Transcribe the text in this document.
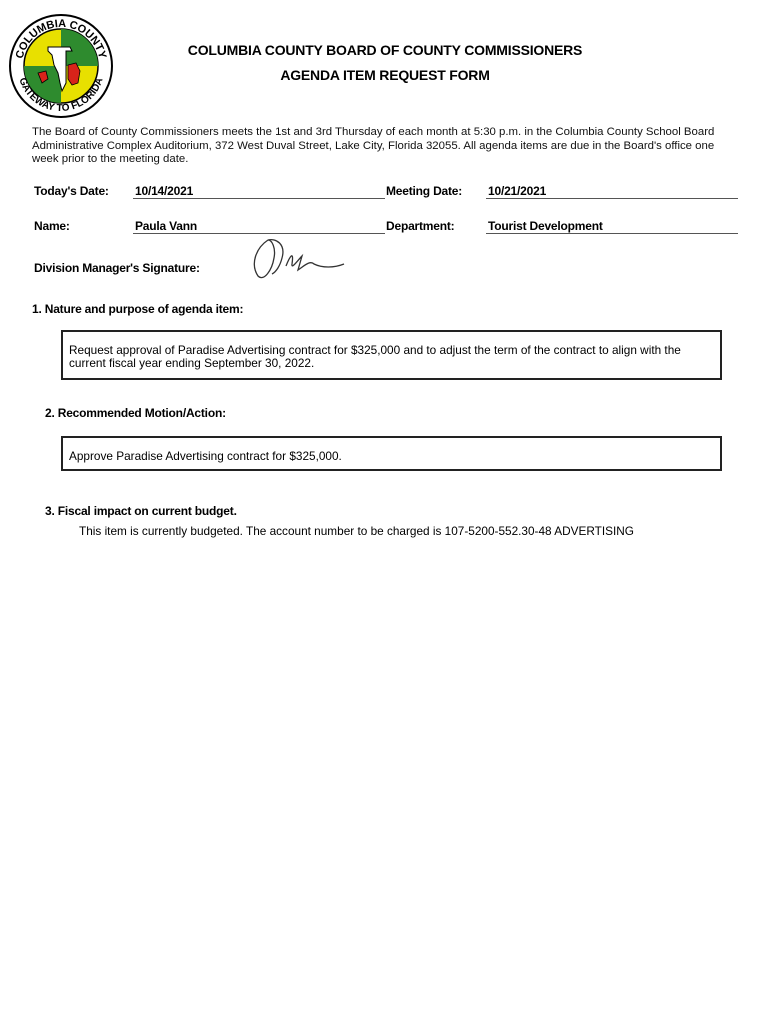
COLUMBIA COUNTY
GATEWAY TO FLORIDA
COLUMBIA COUNTY BOARD OF COUNTY COMMISSIONERS
AGENDA ITEM REQUEST FORM
The Board of County Commissioners meets the 1st and 3rd Thursday of each month at 5:30 p.m. in the Columbia County School Board Administrative Complex Auditorium, 372 West Duval Street, Lake City, Florida 32055. All agenda items are due in the Board's office one week prior to the meeting date.
Today's Date: 10/14/2021	Meeting Date: 10/21/2021
Name:	Paula Vann	Department:	Tourist Development
Division Manager's Signature:
1. Nature and purpose of agenda item:
Request approval of Paradise Advertising contract for $325,000 and to adjust the term of the contract to align with the current fiscal year ending September 30, 2022.
2. Recommended Motion/Action:
Approve Paradise Advertising contract for $325,000.
3. Fiscal impact on current budget.
This item is currently budgeted. The account number to be charged is 107-5200-552.30-48 ADVERTISING
